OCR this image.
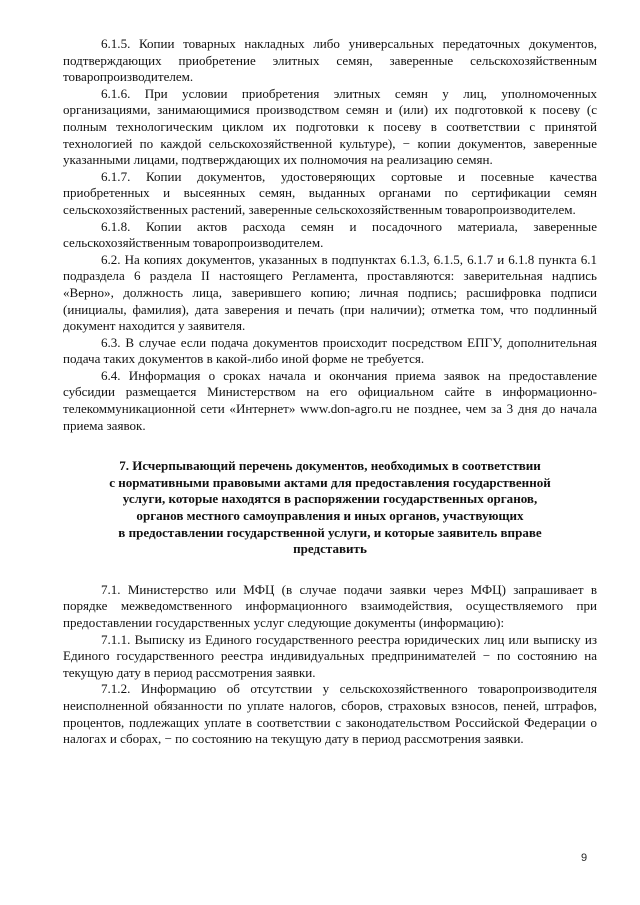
6.1.5. Копии товарных накладных либо универсальных передаточных документов, подтверждающих приобретение элитных семян, заверенные сельскохозяйственным товаропроизводителем.

6.1.6. При условии приобретения элитных семян у лиц, уполномоченных организациями, занимающимися производством семян и (или) их подготовкой к посеву (с полным технологическим циклом их подготовки к посеву в соответствии с принятой технологией по каждой сельскохозяйственной культуре), − копии документов, заверенные указанными лицами, подтверждающих их полномочия на реализацию семян.

6.1.7. Копии документов, удостоверяющих сортовые и посевные качества приобретенных и высеянных семян, выданных органами по сертификации семян сельскохозяйственных растений, заверенные сельскохозяйственным товаропроизводителем.

6.1.8. Копии актов расхода семян и посадочного материала, заверенные сельскохозяйственным товаропроизводителем.

6.2. На копиях документов, указанных в подпунктах 6.1.3, 6.1.5, 6.1.7 и 6.1.8 пункта 6.1 подраздела 6 раздела II настоящего Регламента, проставляются: заверительная надпись «Верно», должность лица, заверившего копию; личная подпись; расшифровка подписи (инициалы, фамилия), дата заверения и печать (при наличии); отметка том, что подлинный документ находится у заявителя.

6.3. В случае если подача документов происходит посредством ЕПГУ, дополнительная подача таких документов в какой-либо иной форме не требуется.

6.4. Информация о сроках начала и окончания приема заявок на предоставление субсидии размещается Министерством на его официальном сайте в информационно-телекоммуникационной сети «Интернет» www.don-agro.ru не позднее, чем за 3 дня до начала приема заявок.

7. Исчерпывающий перечень документов, необходимых в соответствии
с нормативными правовыми актами для предоставления государственной
услуги, которые находятся в распоряжении государственных органов,
органов местного самоуправления и иных органов, участвующих
в предоставлении государственной услуги, и которые заявитель вправе
представить

7.1. Министерство или МФЦ (в случае подачи заявки через МФЦ) запрашивает в порядке межведомственного информационного взаимодействия, осуществляемого при предоставлении государственных услуг следующие документы (информацию):

7.1.1. Выписку из Единого государственного реестра юридических лиц или выписку из Единого государственного реестра индивидуальных предпринимателей − по состоянию на текущую дату в период рассмотрения заявки.

7.1.2. Информацию об отсутствии у сельскохозяйственного товаропроизводителя неисполненной обязанности по уплате налогов, сборов, страховых взносов, пеней, штрафов, процентов, подлежащих уплате в соответствии с законодательством Российской Федерации о налогах и сборах, − по состоянию на текущую дату в период рассмотрения заявки.

9
